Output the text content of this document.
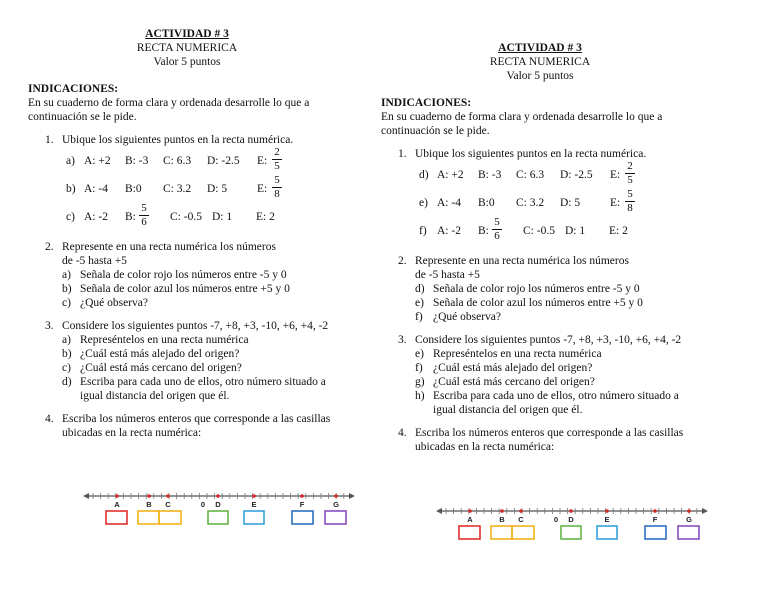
ACTIVIDAD # 3
RECTA NUMERICA
Valor 5 puntos
INDICACIONES:
En su cuaderno de forma clara y ordenada desarrolle lo que a
continuación se le pide.
1. Ubique los siguientes puntos en la recta numérica.
a) A: +2 B: -3 C: 6.3 D: -2.5 E: $\frac{2}{5}$
b) A: -4 B:0 C: 3.2 D: 5	E: $\frac{5}{8}$
c) A: -2 B: $\frac{5}{6} C$: -0.5 D: 1 E: 2
2. Represente en una recta numérica los números
de -5 hasta +5
a) Señala de color rojo los números entre -5 y 0
b) Señala de color azul los números entre +5 y 0
c) ¿Qué observa?
3. Considere los siguientes puntos -7, +8, +3, -10, +6, +4, -2
a) Represéntelos en una recta numérica
b) ¿Cuál está más alejado del origen?
c) ¿Cuál está más cercano del origen?
d) Escriba para cada uno de ellos, otro número situado a
igual distancia del origen que él.
4. Escriba los números enteros que corresponde a las casillas
ubicadas en la recta numérica:
A	B C	0 D	E	F	G
ACTIVIDAD # 3
RECTA NUMERICA
Valor 5 puntos
INDICACIONES:
En su cuaderno de forma clara y ordenada desarrolle lo que a
continuación se le pide.
1. Ubique los siguientes puntos en la recta numérica.
d) A: +2 B: -3 C: 6.3 D: -2.5 E: $\frac{2}{5}$
e) A: -4 B:0 C: 3.2 D: 5	E: $\frac{5}{8}$
f) A: -2 B: $\frac{5}{6} C$: -0.5 D: 1 E: 2
2. Represente en una recta numérica los números
de -5 hasta +5
d) Señala de color rojo los números entre -5 y 0
e) Señala de color azul los números entre +5 y 0
f) ¿Qué observa?
3. Considere los siguientes puntos -7, +8, +3, -10, +6, +4, -2
e) Represéntelos en una recta numérica
f) ¿Cuál está más alejado del origen?
g) ¿Cuál está más cercano del origen?
h) Escriba para cada uno de ellos, otro número situado a
igual distancia del origen que él.
4. Escriba los números enteros que corresponde a las casillas
ubicadas en la recta numérica:
A	B C	0 D	E	F	G
